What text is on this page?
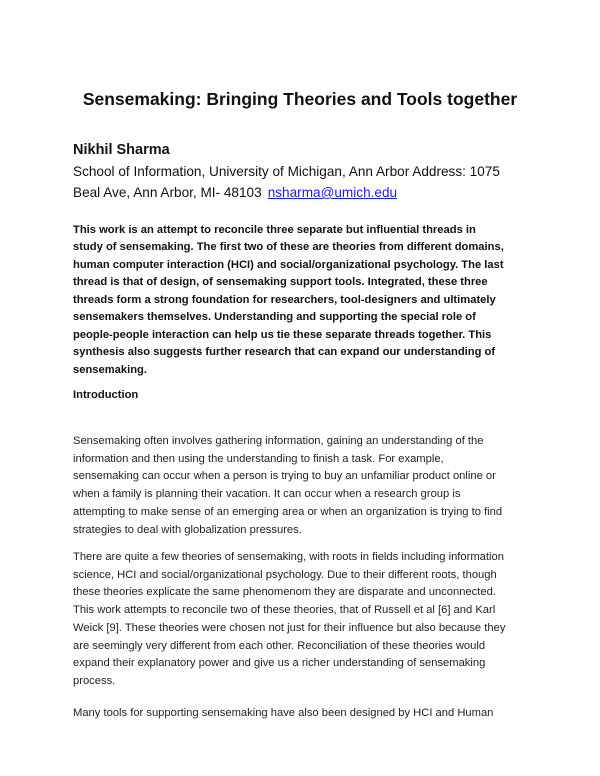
Sensemaking: Bringing Theories and Tools together
Nikhil Sharma
School of Information, University of Michigan, Ann Arbor Address: 1075
Beal Ave, Ann Arbor, MI- 48103 nsharma@umich.edu
This work is an attempt to reconcile three separate but influential threads in
study of sensemaking. The first two of these are theories from different domains,
human computer interaction (HCI) and social/organizational psychology. The last
thread is that of design, of sensemaking support tools. Integrated, these three
threads form a strong foundation for researchers, tool-designers and ultimately
sensemakers themselves. Understanding and supporting the special role of
people-people interaction can help us tie these separate threads together. This
synthesis also suggests further research that can expand our understanding of
sensemaking.
Introduction
Sensemaking often involves gathering information, gaining an understanding of the
information and then using the understanding to finish a task. For example,
sensemaking can occur when a person is trying to buy an unfamiliar product online or
when a family is planning their vacation. It can occur when a research group is
attempting to make sense of an emerging area or when an organization is trying to find
strategies to deal with globalization pressures.
There are quite a few theories of sensemaking, with roots in fields including information
science, HCI and social/organizational psychology. Due to their different roots, though
these theories explicate the same phenomenom they are disparate and unconnected.
This work attempts to reconcile two of these theories, that of Russell et al [6] and Karl
Weick [9]. These theories were chosen not just for their influence but also because they
are seemingly very different from each other. Reconciliation of these theories would
expand their explanatory power and give us a richer understanding of sensemaking
process.
Many tools for supporting sensemaking have also been designed by HCI and Human
